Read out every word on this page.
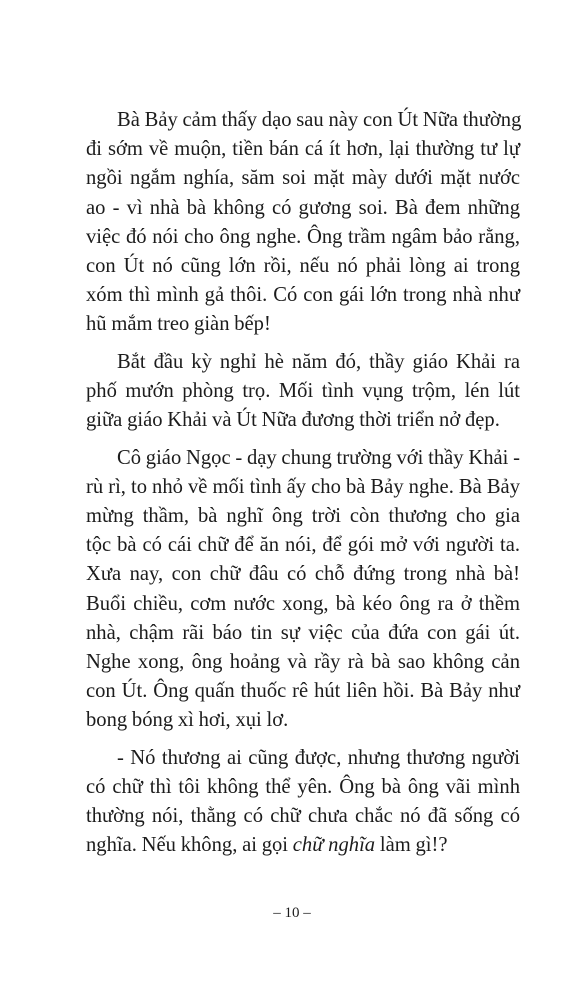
Bà Bảy cảm thấy dạo sau này con Út Nữa thường
đi sớm về muộn, tiền bán cá ít hơn, lại thường tư lự
ngồi ngắm nghía, săm soi mặt mày dưới mặt nước
ao - vì nhà bà không có gương soi. Bà đem những
việc đó nói cho ông nghe. Ông trầm ngâm bảo rằng,
con Út nó cũng lớn rồi, nếu nó phải lòng ai trong
xóm thì mình gả thôi. Có con gái lớn trong nhà như
hũ mắm treo giàn bếp!

Bắt đầu kỳ nghỉ hè năm đó, thầy giáo Khải ra
phố mướn phòng trọ. Mối tình vụng trộm, lén lút
giữa giáo Khải và Út Nữa đương thời triển nở đẹp.

Cô giáo Ngọc - dạy chung trường với thầy Khải -
rù rì, to nhỏ về mối tình ấy cho bà Bảy nghe. Bà Bảy
mừng thầm, bà nghĩ ông trời còn thương cho gia
tộc bà có cái chữ để ăn nói, để gói mở với người ta.
Xưa nay, con chữ đâu có chỗ đứng trong nhà bà!
Buổi chiều, cơm nước xong, bà kéo ông ra ở thềm
nhà, chậm rãi báo tin sự việc của đứa con gái út.
Nghe xong, ông hoảng và rầy rà bà sao không cản
con Út. Ông quấn thuốc rê hút liên hồi. Bà Bảy như
bong bóng xì hơi, xụi lơ.

- Nó thương ai cũng được, nhưng thương người
có chữ thì tôi không thể yên. Ông bà ông vãi mình
thường nói, thằng có chữ chưa chắc nó đã sống có
nghĩa. Nếu không, ai gọi chữ nghĩa làm gì!?

– 10 –
